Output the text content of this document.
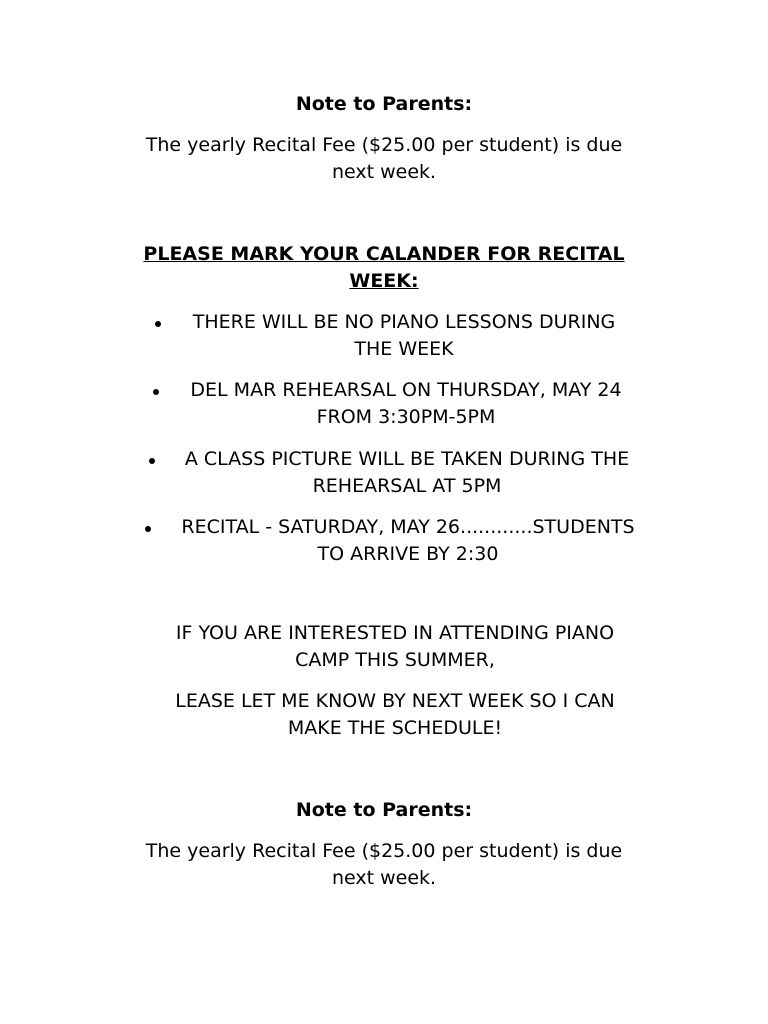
Note to Parents:
The yearly Recital Fee ($25.00 per student) is due
next week.
PLEASE MARK YOUR CALANDER FOR RECITAL
WEEK:
THERE WILL BE NO PIANO LESSONS DURING
THE WEEK
DEL MAR REHEARSAL ON THURSDAY, MAY 24
FROM 3:30PM-5PM
A CLASS PICTURE WILL BE TAKEN DURING THE
REHEARSAL AT 5PM
RECITAL - SATURDAY, MAY 26............STUDENTS
TO ARRIVE BY 2:30
IF YOU ARE INTERESTED IN ATTENDING PIANO
CAMP THIS SUMMER,
LEASE LET ME KNOW BY NEXT WEEK SO I CAN
MAKE THE SCHEDULE!
Note to Parents:
The yearly Recital Fee ($25.00 per student) is due
next week.
